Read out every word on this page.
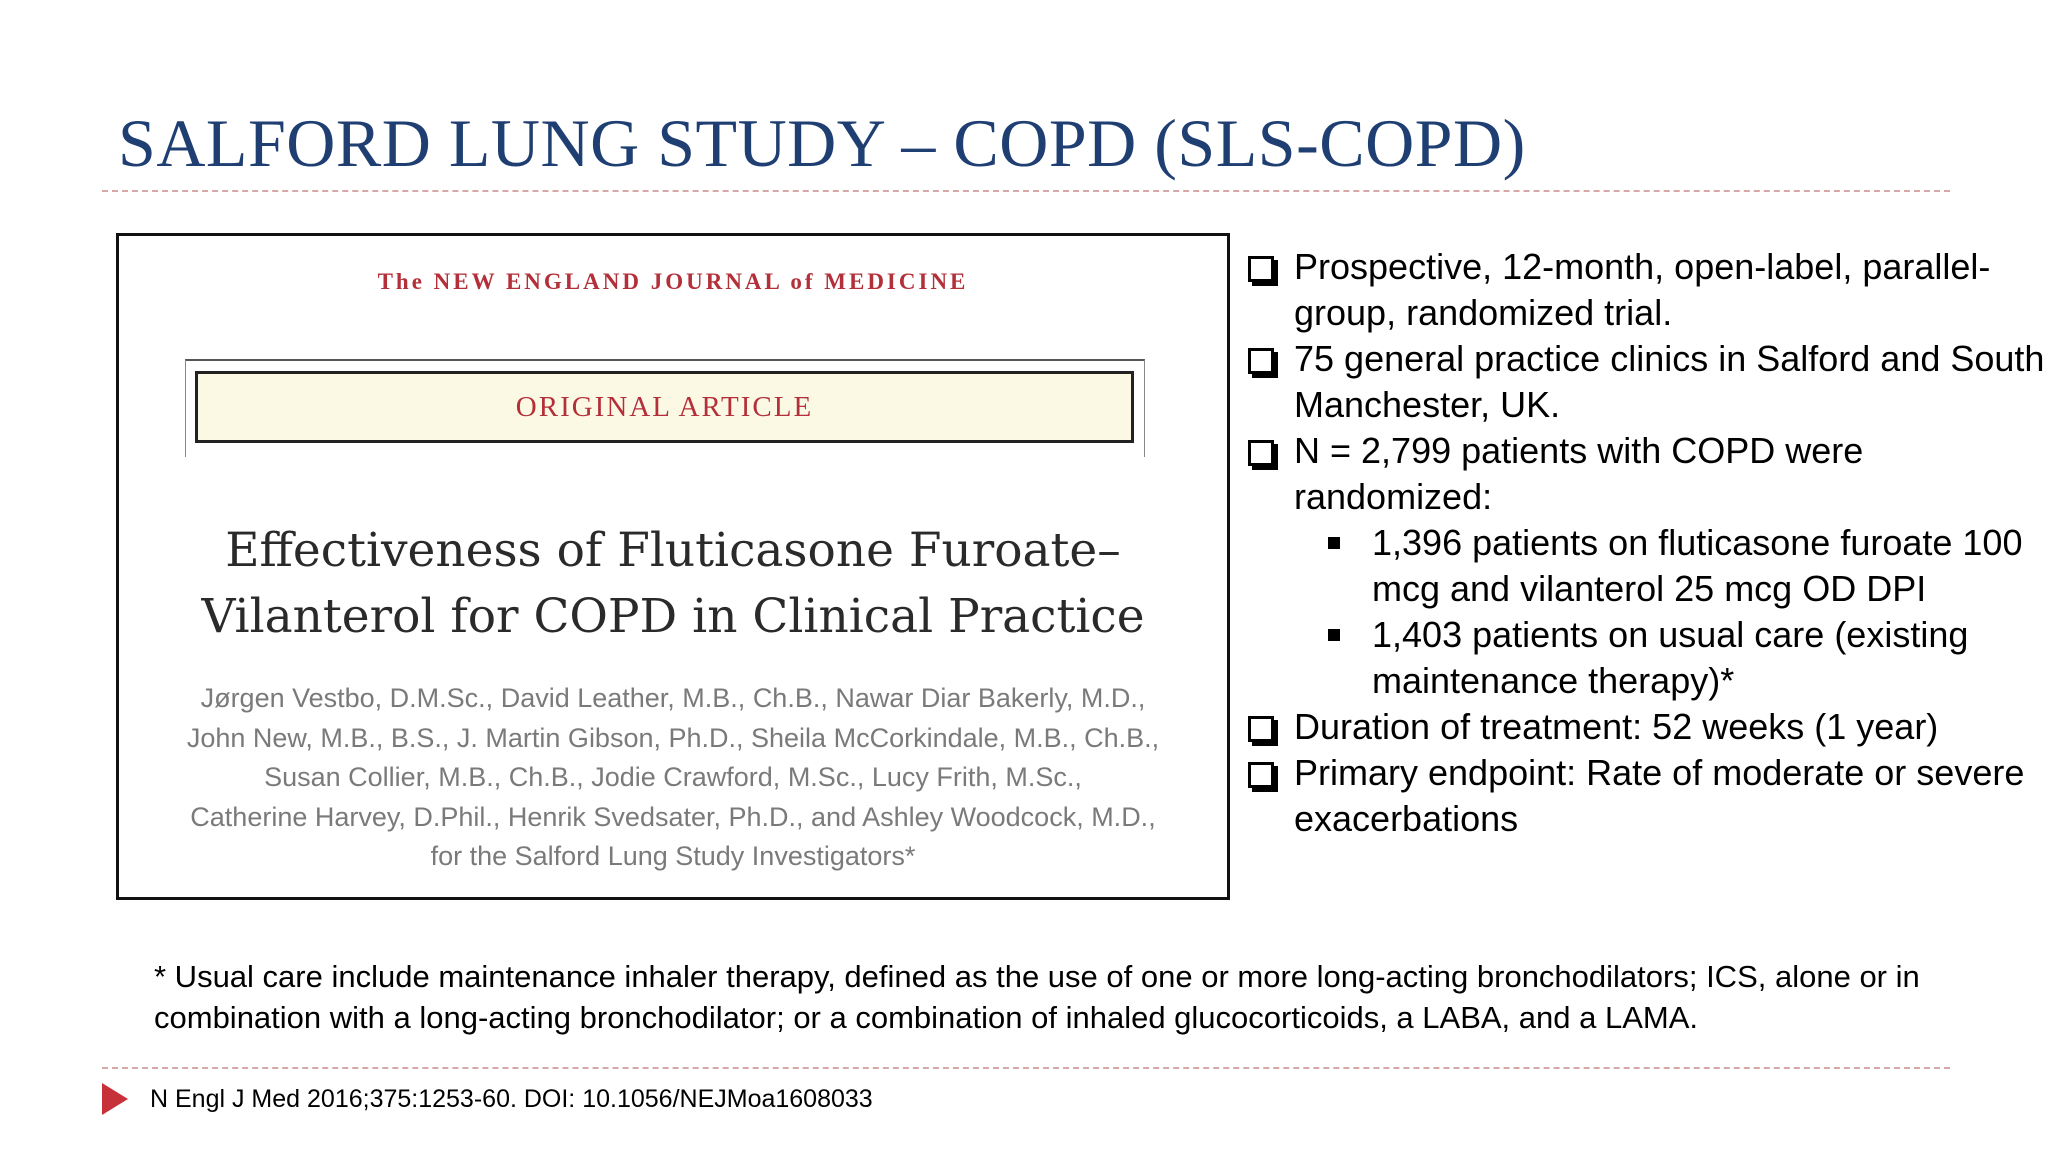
SALFORD LUNG STUDY – COPD (SLS-COPD)
The NEW ENGLAND JOURNAL of MEDICINE
ORIGINAL ARTICLE
Effectiveness of Fluticasone Furoate–
Vilanterol for COPD in Clinical Practice
Jørgen Vestbo, D.M.Sc., David Leather, M.B., Ch.B., Nawar Diar Bakerly, M.D.,
John New, M.B., B.S., J. Martin Gibson, Ph.D., Sheila McCorkindale, M.B., Ch.B.,
Susan Collier, M.B., Ch.B., Jodie Crawford, M.Sc., Lucy Frith, M.Sc.,
Catherine Harvey, D.Phil., Henrik Svedsater, Ph.D., and Ashley Woodcock, M.D.,
for the Salford Lung Study Investigators*
Prospective, 12-month, open-label, parallel-group, randomized trial.
75 general practice clinics in Salford and South Manchester, UK.
N = 2,799 patients with COPD were randomized:
1,396 patients on fluticasone furoate 100 mcg and vilanterol 25 mcg OD DPI
1,403 patients on usual care (existing maintenance therapy)*
Duration of treatment: 52 weeks (1 year)
Primary endpoint: Rate of moderate or severe exacerbations
* Usual care include maintenance inhaler therapy, defined as the use of one or more long-acting bronchodilators; ICS, alone or in combination with a long-acting bronchodilator; or a combination of inhaled glucocorticoids, a LABA, and a LAMA.
N Engl J Med 2016;375:1253-60. DOI: 10.1056/NEJMoa1608033
